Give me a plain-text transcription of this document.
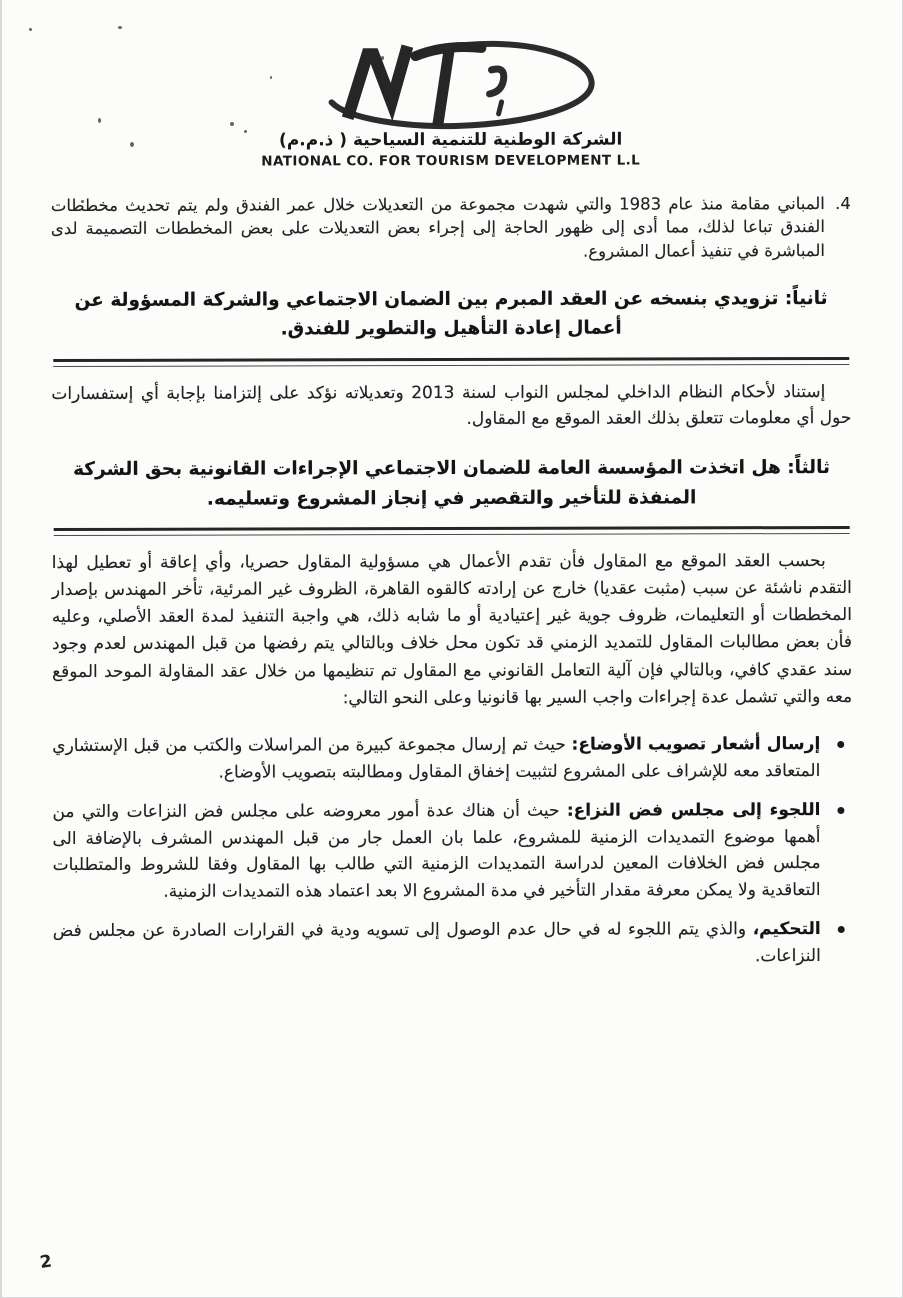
الشركة الوطنية للتنمية السياحية ( ذ.م.م)
NATIONAL CO. FOR TOURISM DEVELOPMENT L.L
4.
المباني مقامة منذ عام 1983 والتي شهدت مجموعة من التعديلات خلال عمر الفندق ولم يتم تحديث مخططات الفندق تباعا لذلك، مما أدى إلى ظهور الحاجة إلى إجراء بعض التعديلات على بعض المخططات التصميمة لدى المباشرة في تنفيذ أعمال المشروع.
ثانياً: تزويدي بنسخه عن العقد المبرم بين الضمان الاجتماعي والشركة المسؤولة عن أعمال إعادة التأهيل والتطوير للفندق.

إستناد لأحكام النظام الداخلي لمجلس النواب لسنة 2013 وتعديلاته نؤكد على إلتزامنا بإجابة أي إستفسارات حول أي معلومات تتعلق بذلك العقد الموقع مع المقاول.

ثالثاً: هل اتخذت المؤسسة العامة للضمان الاجتماعي الإجراءات القانونية بحق الشركة المنفذة للتأخير والتقصير في إنجاز المشروع وتسليمه.

بحسب العقد الموقع مع المقاول فأن تقدم الأعمال هي مسؤولية المقاول حصريا، وأي إعاقة أو تعطيل لهذا التقدم ناشئة عن سبب (مثبت عقديا) خارج عن إرادته كالقوه القاهرة، الظروف غير المرئية، تأخر المهندس بإصدار المخططات أو التعليمات، ظروف جوية غير إعتيادية أو ما شابه ذلك، هي واجبة التنفيذ لمدة العقد الأصلي، وعليه فأن بعض مطالبات المقاول للتمديد الزمني قد تكون محل خلاف وبالتالي يتم رفضها من قبل المهندس لعدم وجود سند عقدي كافي، وبالتالي فإن آلية التعامل القانوني مع المقاول تم تنظيمها من خلال عقد المقاولة الموحد الموقع معه والتي تشمل عدة إجراءات واجب السير بها قانونيا وعلى النحو التالي:

إرسال أشعار تصويب الأوضاع: حيث تم إرسال مجموعة كبيرة من المراسلات والكتب من قبل الإستشاري المتعاقد معه للإشراف على المشروع لتثبيت إخفاق المقاول ومطالبته بتصويب الأوضاع.
اللجوء إلى مجلس فض النزاع: حيث أن هناك عدة أمور معروضه على مجلس فض النزاعات والتي من أهمها موضوع التمديدات الزمنية للمشروع، علما بان العمل جار من قبل المهندس المشرف بالإضافة الى مجلس فض الخلافات المعين لدراسة التمديدات الزمنية التي طالب بها المقاول وفقا للشروط والمتطلبات التعاقدية ولا يمكن معرفة مقدار التأخير في مدة المشروع الا بعد اعتماد هذه التمديدات الزمنية.
التحكيم، والذي يتم اللجوء له في حال عدم الوصول إلى تسويه ودية في القرارات الصادرة عن مجلس فض النزاعات.
2
